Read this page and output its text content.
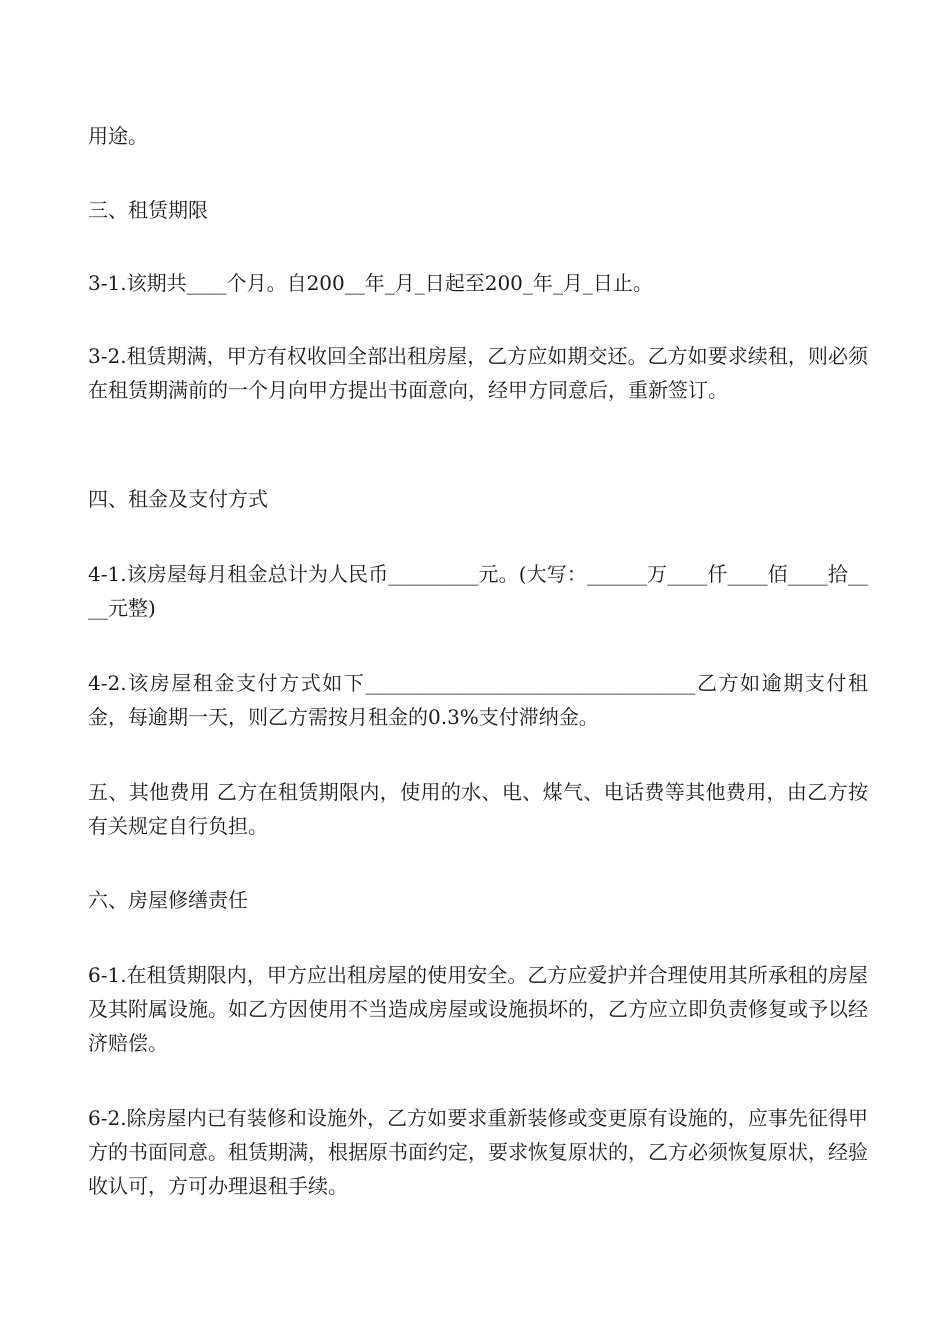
用途。

三、租赁期限

3-1.该期共____个月。自200__年_月_日起至200_年_月_日止。

3-2.租赁期满，甲方有权收回全部出租房屋，乙方应如期交还。乙方如要求续租，则必须在租赁期满前的一个月向甲方提出书面意向，经甲方同意后，重新签订。

四、租金及支付方式

4-1.该房屋每月租金总计为人民币_________元。(大写：______万____仟____佰____拾____元整)

4-2.该房屋租金支付方式如下_________________________________乙方如逾期支付租金，每逾期一天，则乙方需按月租金的0.3%支付滞纳金。

五、其他费用 乙方在租赁期限内，使用的水、电、煤气、电话费等其他费用，由乙方按有关规定自行负担。

六、房屋修缮责任

6-1.在租赁期限内，甲方应出租房屋的使用安全。乙方应爱护并合理使用其所承租的房屋及其附属设施。如乙方因使用不当造成房屋或设施损坏的，乙方应立即负责修复或予以经济赔偿。

6-2.除房屋内已有装修和设施外，乙方如要求重新装修或变更原有设施的，应事先征得甲方的书面同意。租赁期满，根据原书面约定，要求恢复原状的，乙方必须恢复原状，经验收认可，方可办理退租手续。
